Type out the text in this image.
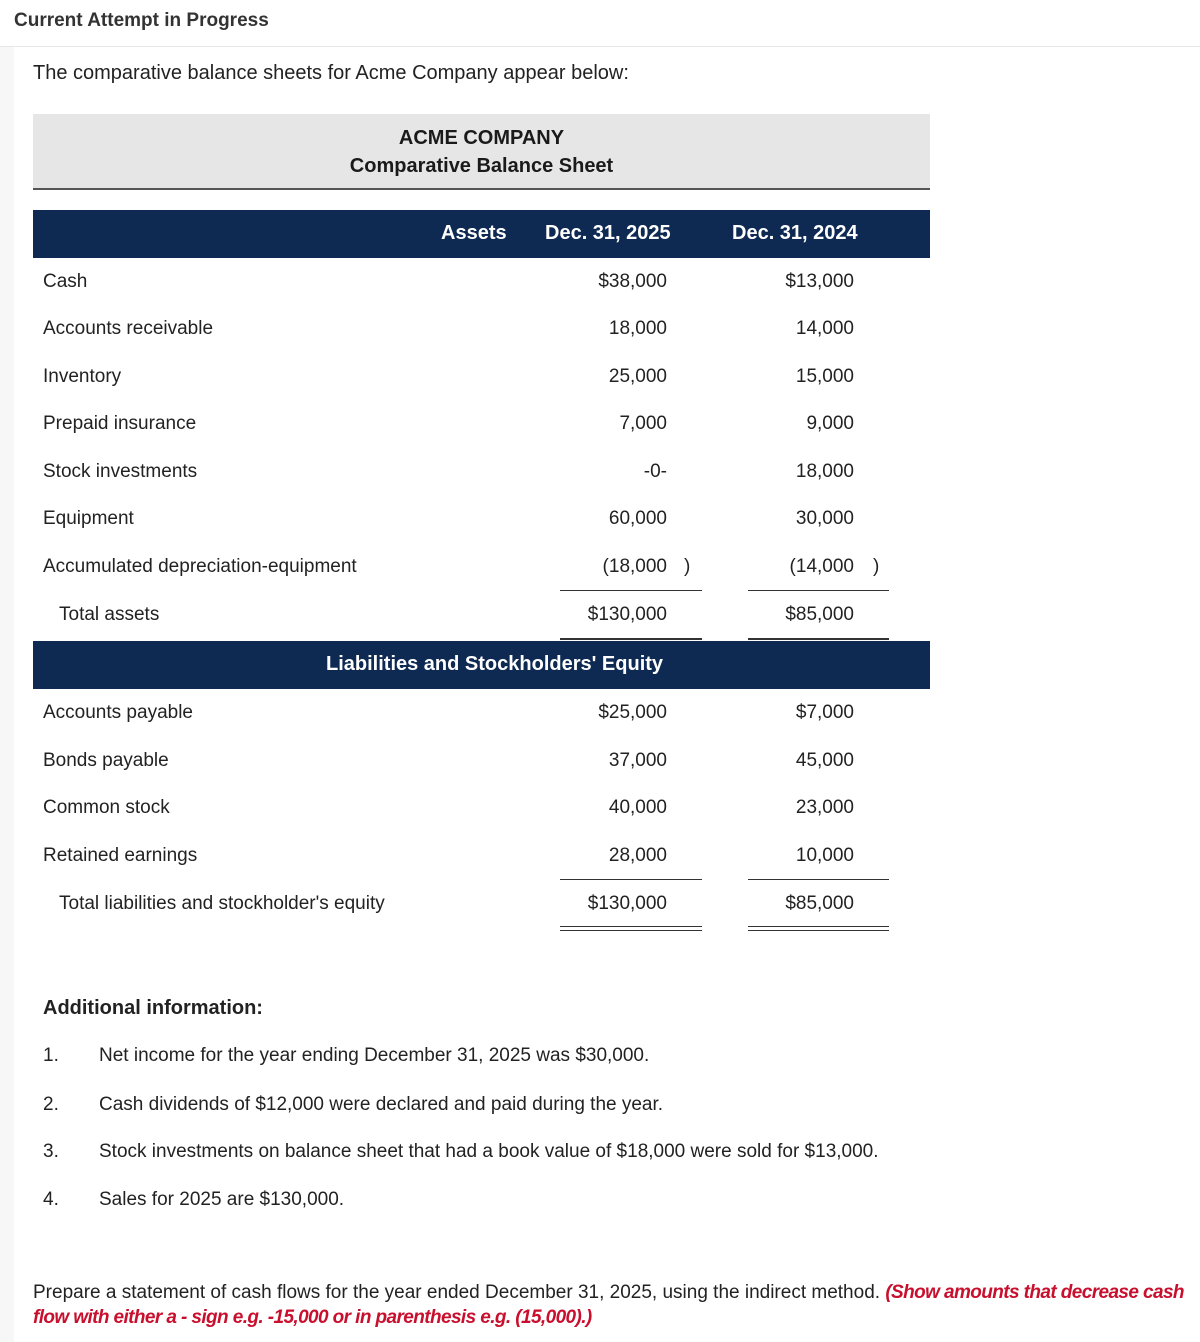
Current Attempt in Progress
The comparative balance sheets for Acme Company appear below:
ACME COMPANY
Comparative Balance Sheet
Assets Dec. 31, 2025	Dec. 31, 2024
Cash	$38,000	$13,000
Accounts receivable	18,000	14,000
Inventory	25,000	15,000
Prepaid insurance	7,000	9,000
Stock investments	-0-	18,000
Equipment	60,000	30,000
Accumulated depreciation-equipment	(18,000 )	(14,000 )
Total assets	$130,000	$85,000
Liabilities and Stockholders' Equity
Accounts payable	$25,000	$7,000
Bonds payable	37,000	45,000
Common stock	40,000	23,000
Retained earnings	28,000	10,000
Total liabilities and stockholder's equity	$130,000	$85,000
Additional information:
1. Net income for the year ending December 31, 2025 was $30,000.
2. Cash dividends of $12,000 were declared and paid during the year.
3. Stock investments on balance sheet that had a book value of $18,000 were sold for $13,000.
4. Sales for 2025 are $130,000.
Prepare a statement of cash flows for the year ended December 31, 2025, using the indirect method. (Show amounts that decrease cash flow with either a - sign e.g. -15,000 or in parenthesis e.g. (15,000).)
